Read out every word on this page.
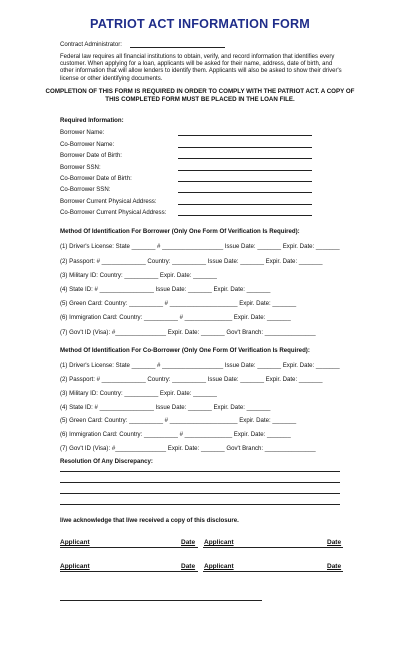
PATRIOT ACT INFORMATION FORM
Contract Administrator:
Federal law requires all financial institutions to obtain, verify, and record information that identifies every customer. When applying for a loan, applicants will be asked for their name, address, date of birth, and other information that will allow lenders to identify them. Applicants will also be asked to show their driver's license or other identifying documents.
COMPLETION OF THIS FORM IS REQUIRED IN ORDER TO COMPLY WITH THE PATRIOT ACT. A COPY OF THIS COMPLETED FORM MUST BE PLACED IN THE LOAN FILE.
Required Information:
Borrower Name:
Co-Borrower Name:
Borrower Date of Birth:
Borrower SSN:
Co-Borrower Date of Birth:
Co-Borrower SSN:
Borrower Current Physical Address:
Co-Borrower Current Physical Address:
Method Of Identification For Borrower (Only One Form Of Verification Is Required):
(1) Driver's License: State _______ # __________________ Issue Date: _______ Expir. Date: _______
(2) Passport: # _____________ Country: __________ Issue Date: _______ Expir. Date: _______
(3) Military ID: Country: __________ Expir. Date: _______
(4) State ID: # ________________ Issue Date: _______ Expir. Date: _______
(5) Green Card: Country: __________ # ____________________ Expir. Date: _______
(6) Immigration Card: Country: __________ # ______________ Expir. Date: _______
(7) Gov't ID (Visa): #_______________ Expir. Date: _______ Gov't Branch: _______________
Method Of Identification For Co-Borrower (Only One Form Of Verification Is Required):
(1) Driver's License: State _______ # __________________ Issue Date: _______ Expir. Date: _______
(2) Passport: # _____________ Country: __________ Issue Date: _______ Expir. Date: _______
(3) Military ID: Country: __________ Expir. Date: _______
(4) State ID: # ________________ Issue Date: _______ Expir. Date: _______
(5) Green Card: Country: __________ # ____________________ Expir. Date: _______
(6) Immigration Card: Country: __________ # ______________ Expir. Date: _______
(7) Gov't ID (Visa): #_______________ Expir. Date: _______ Gov't Branch: _______________
Resolution Of Any Discrepancy:
I/we acknowledge that I/we received a copy of this disclosure.
Applicant	Date Applicant	Date
Applicant	Date Applicant	Date
